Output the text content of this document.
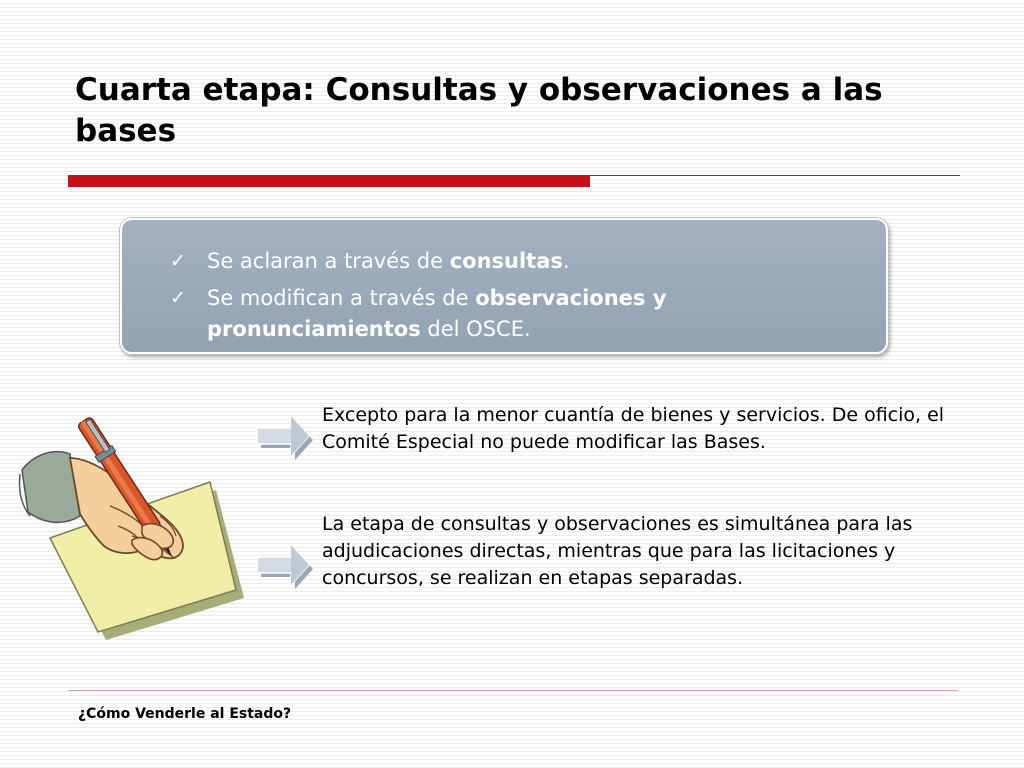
Cuarta etapa: Consultas y observaciones a las bases
✓ Se aclaran a través de consultas.
✓ Se modifican a través de observaciones y pronunciamientos del OSCE.

Excepto para la menor cuantía de bienes y servicios. De oficio, el Comité Especial no puede modificar las Bases.

La etapa de consultas y observaciones es simultánea para las adjudicaciones directas, mientras que para las licitaciones y concursos, se realizan en etapas separadas.

¿Cómo Venderle al Estado?
